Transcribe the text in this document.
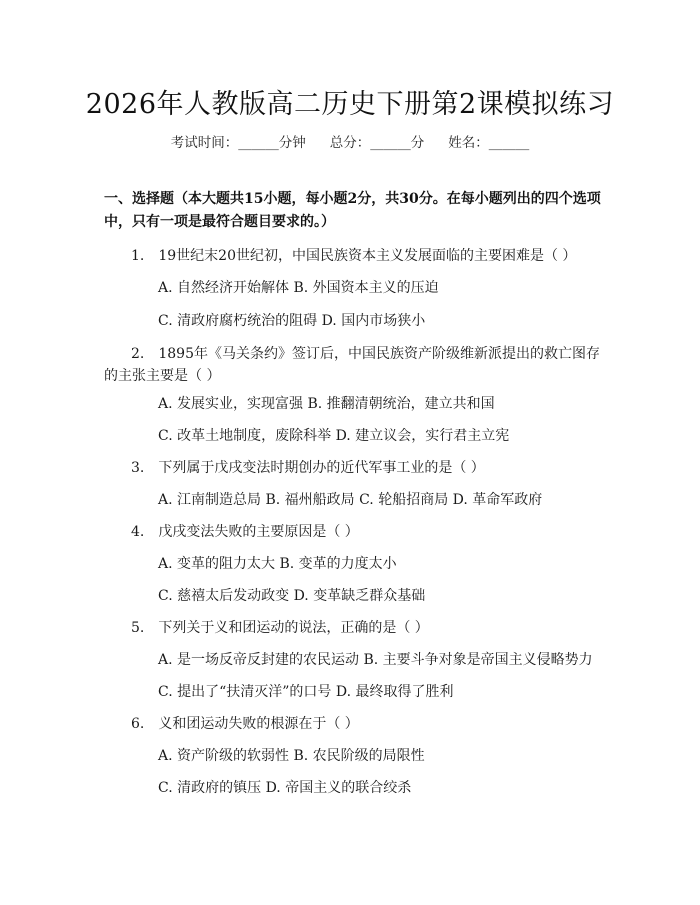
2026年人教版高二历史下册第2课模拟练习
考试时间：______分钟 总分：______分 姓名：______
一、选择题（本大题共15小题，每小题2分，共30分。在每小题列出的四个选项中，只有一项是最符合题目要求的。）
1.　19世纪末20世纪初，中国民族资本主义发展面临的主要困难是（ ）
A. 自然经济开始解体 B. 外国资本主义的压迫
C. 清政府腐朽统治的阻碍 D. 国内市场狭小
2.　1895年《马关条约》签订后，中国民族资产阶级维新派提出的救亡图存
的主张主要是（ ）
A. 发展实业，实现富强 B. 推翻清朝统治，建立共和国
C. 改革土地制度，废除科举 D. 建立议会，实行君主立宪
3.　下列属于戊戌变法时期创办的近代军事工业的是（ ）
A. 江南制造总局 B. 福州船政局 C. 轮船招商局 D. 革命军政府
4.　戊戌变法失败的主要原因是（ ）
A. 变革的阻力太大 B. 变革的力度太小
C. 慈禧太后发动政变 D. 变革缺乏群众基础
5.　下列关于义和团运动的说法，正确的是（ ）
A. 是一场反帝反封建的农民运动 B. 主要斗争对象是帝国主义侵略势力
C. 提出了“扶清灭洋”的口号 D. 最终取得了胜利
6.　义和团运动失败的根源在于（ ）
A. 资产阶级的软弱性 B. 农民阶级的局限性
C. 清政府的镇压 D. 帝国主义的联合绞杀
